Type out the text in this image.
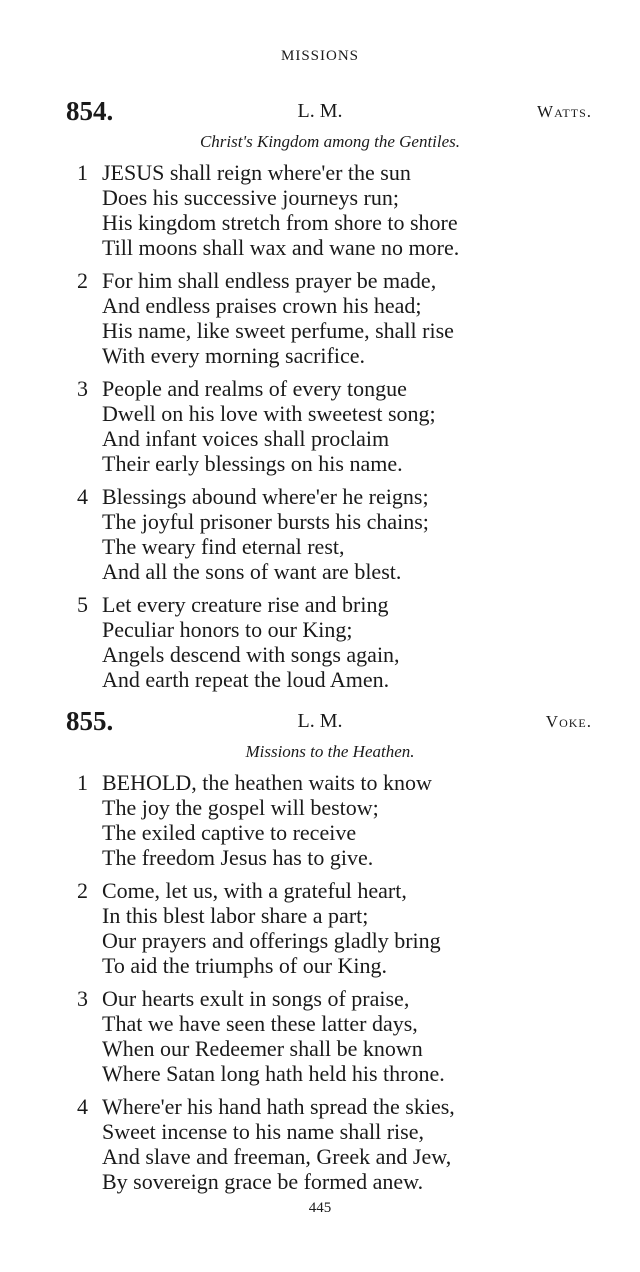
MISSIONS
854.	L. M.	Watts.
Christ's Kingdom among the Gentiles.
1 JESUS shall reign where'er the sun
Does his successive journeys run;
His kingdom stretch from shore to shore
Till moons shall wax and wane no more.
2 For him shall endless prayer be made,
And endless praises crown his head;
His name, like sweet perfume, shall rise
With every morning sacrifice.
3 People and realms of every tongue
Dwell on his love with sweetest song;
And infant voices shall proclaim
Their early blessings on his name.
4 Blessings abound where'er he reigns;
The joyful prisoner bursts his chains;
The weary find eternal rest,
And all the sons of want are blest.
5 Let every creature rise and bring
Peculiar honors to our King;
Angels descend with songs again,
And earth repeat the loud Amen.
855.	L. M.	Voke.
Missions to the Heathen.
1 BEHOLD, the heathen waits to know
The joy the gospel will bestow;
The exiled captive to receive
The freedom Jesus has to give.
2 Come, let us, with a grateful heart,
In this blest labor share a part;
Our prayers and offerings gladly bring
To aid the triumphs of our King.
3 Our hearts exult in songs of praise,
That we have seen these latter days,
When our Redeemer shall be known
Where Satan long hath held his throne.
4 Where'er his hand hath spread the skies,
Sweet incense to his name shall rise,
And slave and freeman, Greek and Jew,
By sovereign grace be formed anew.
445
